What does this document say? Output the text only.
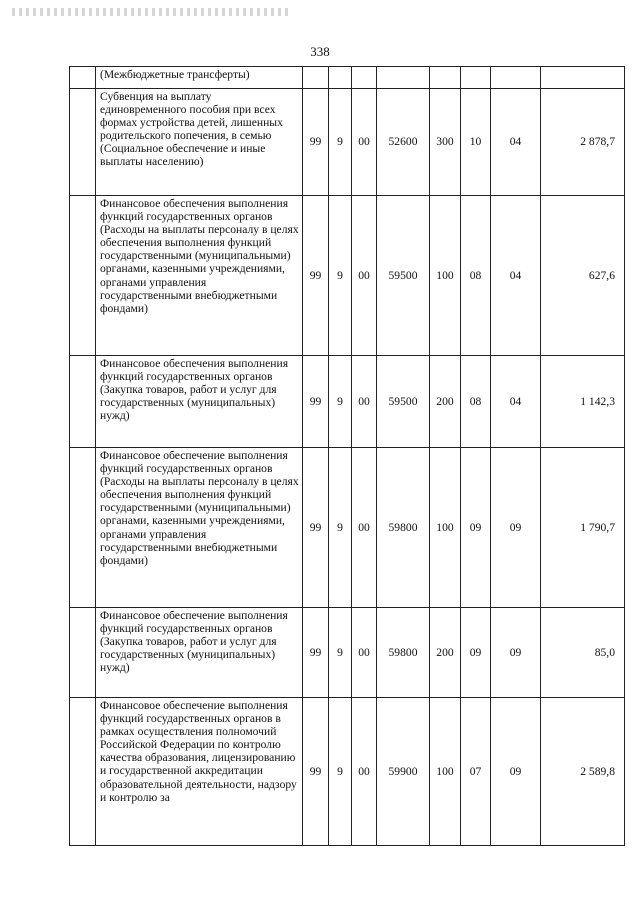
338
	(Межбюджетные трансферты)								
	Субвенция на выплату единовременного пособия при всех формах устройства детей, лишенных родительского попечения, в семью (Социальное обеспечение и иные выплаты населению)	99	9	00	52600	300	10	04	2 878,7
	Финансовое обеспечения выполнения функций государственных органов (Расходы на выплаты персоналу в целях обеспечения выполнения функций государственными (муниципальными) органами, казенными учреждениями, органами управления государственными внебюджетными фондами)	99	9	00	59500	100	08	04	627,6
	Финансовое обеспечения выполнения функций государственных органов (Закупка товаров, работ и услуг для государственных (муниципальных) нужд)	99	9	00	59500	200	08	04	1 142,3
	Финансовое обеспечение выполнения функций государственных органов (Расходы на выплаты персоналу в целях обеспечения выполнения функций государственными (муниципальными) органами, казенными учреждениями, органами управления государственными внебюджетными фондами)	99	9	00	59800	100	09	09	1 790,7
	Финансовое обеспечение выполнения функций государственных органов (Закупка товаров, работ и услуг для государственных (муниципальных) нужд)	99	9	00	59800	200	09	09	85,0
	Финансовое обеспечение выполнения функций государственных органов в рамках осуществления полномочий Российской Федерации по контролю качества образования, лицензированию и государственной аккредитации образовательной деятельности, надзору и контролю за	99	9	00	59900	100	07	09	2 589,8
